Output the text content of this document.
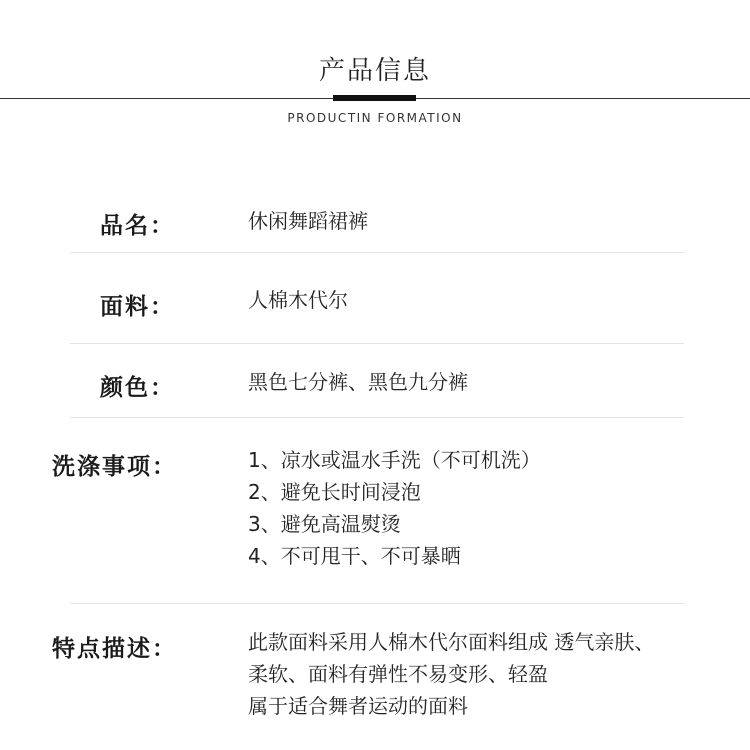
产品信息
PRODUCTIN FORMATION
品名：	休闲舞蹈裙裤
面料：	人棉木代尔
颜色：	黑色七分裤、黑色九分裤
洗涤事项：	1、凉水或温水手洗（不可机洗）
2、避免长时间浸泡
3、避免高温熨烫
4、不可甩干、不可暴晒
特点描述：	此款面料采用人棉木代尔面料组成 透气亲肤、
柔软、面料有弹性不易变形、轻盈
属于适合舞者运动的面料
